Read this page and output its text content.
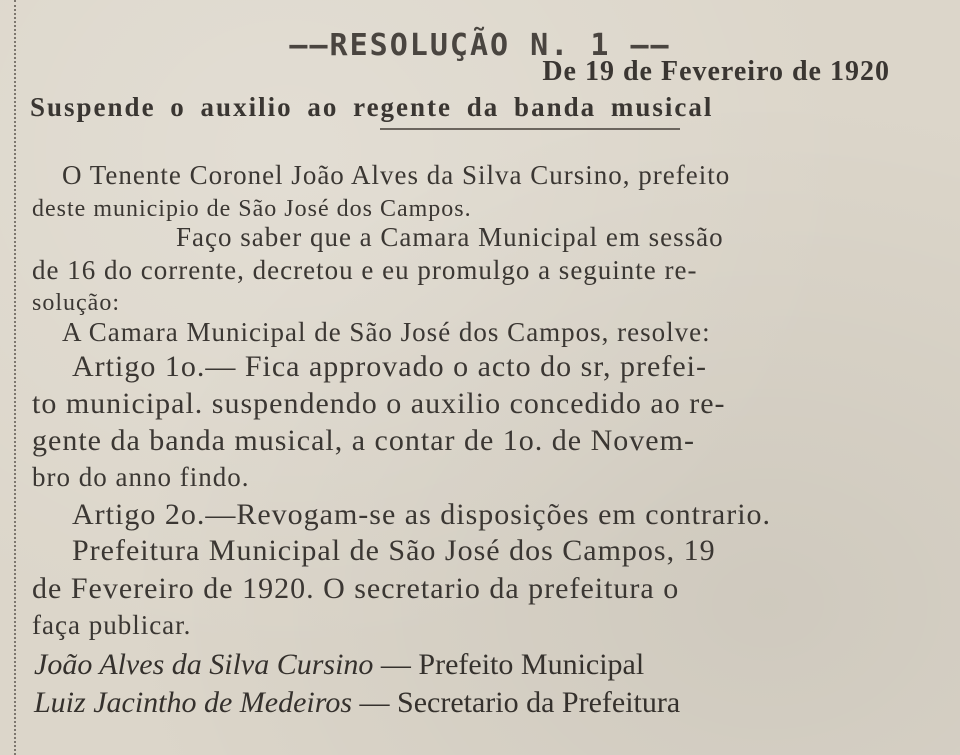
——RESOLUÇÃO N. 1 ——
De 19 de Fevereiro de 1920
Suspende o auxilio ao regente da banda musical
O Tenente Coronel João Alves da Silva Cursino, prefeito
deste municipio de São José dos Campos.
Faço saber que a Camara Municipal em sessão
de 16 do corrente, decretou e eu promulgo a seguinte re-
solução:
A Camara Municipal de São José dos Campos, resolve:
Artigo 1o.— Fica approvado o acto do sr, prefei-
to municipal. suspendendo o auxilio concedido ao re-
gente da banda musical, a contar de 1o. de Novem-
bro do anno findo.
Artigo 2o.—Revogam-se as disposições em contrario.
Prefeitura Municipal de São José dos Campos, 19
de Fevereiro de 1920. O secretario da prefeitura o
faça publicar.
João Alves da Silva Cursino — Prefeito Municipal
Luiz Jacintho de Medeiros — Secretario da Prefeitura
